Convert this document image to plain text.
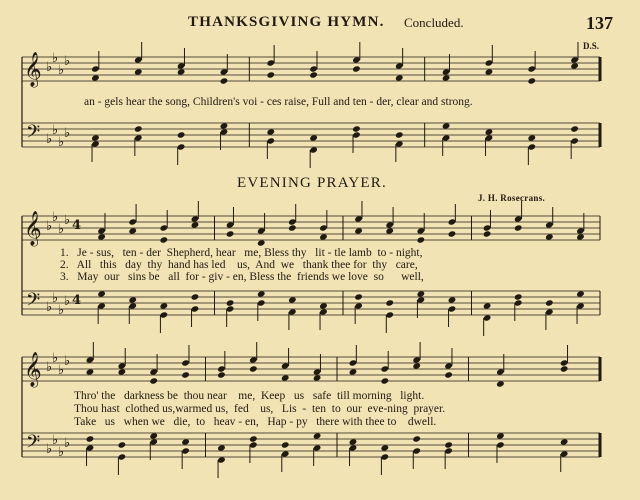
THANKSGIVING HYMN. Concluded.	137
D.S.
𝄞
𝄢
♭
♭
♭
♭
♭
♭
♭
♭
𝄞
𝄢
♭
♭
♭
♭
♭
♭
♭
♭
4
4
𝄞
𝄢
♭
♭
♭
♭
♭
♭
♭
♭
an - gels hear the song, Children's voi - ces raise, Full and ten - der, clear and strong.
EVENING PRAYER.
J. H. Rosecrans.
1.   Je - sus,   ten - der  Shepherd, hear   me, Bless thy   lit - tle lamb  to - night,
2.   All   this   day  thy  hand has led    us,  And  we   thank thee for  thy   care,
3.   May  our   sins be   all  for - giv - en, Bless the  friends we love  so      well,
Thro' the   darkness be  thou near    me,  Keep   us   safe  till morning   light.
Thou hast  clothed us,warmed us,  fed    us,   Lis  -  ten  to  our  eve-ning  prayer.
Take   us   when we   die,  to   heav - en,   Hap - py   there with thee to    dwell.
